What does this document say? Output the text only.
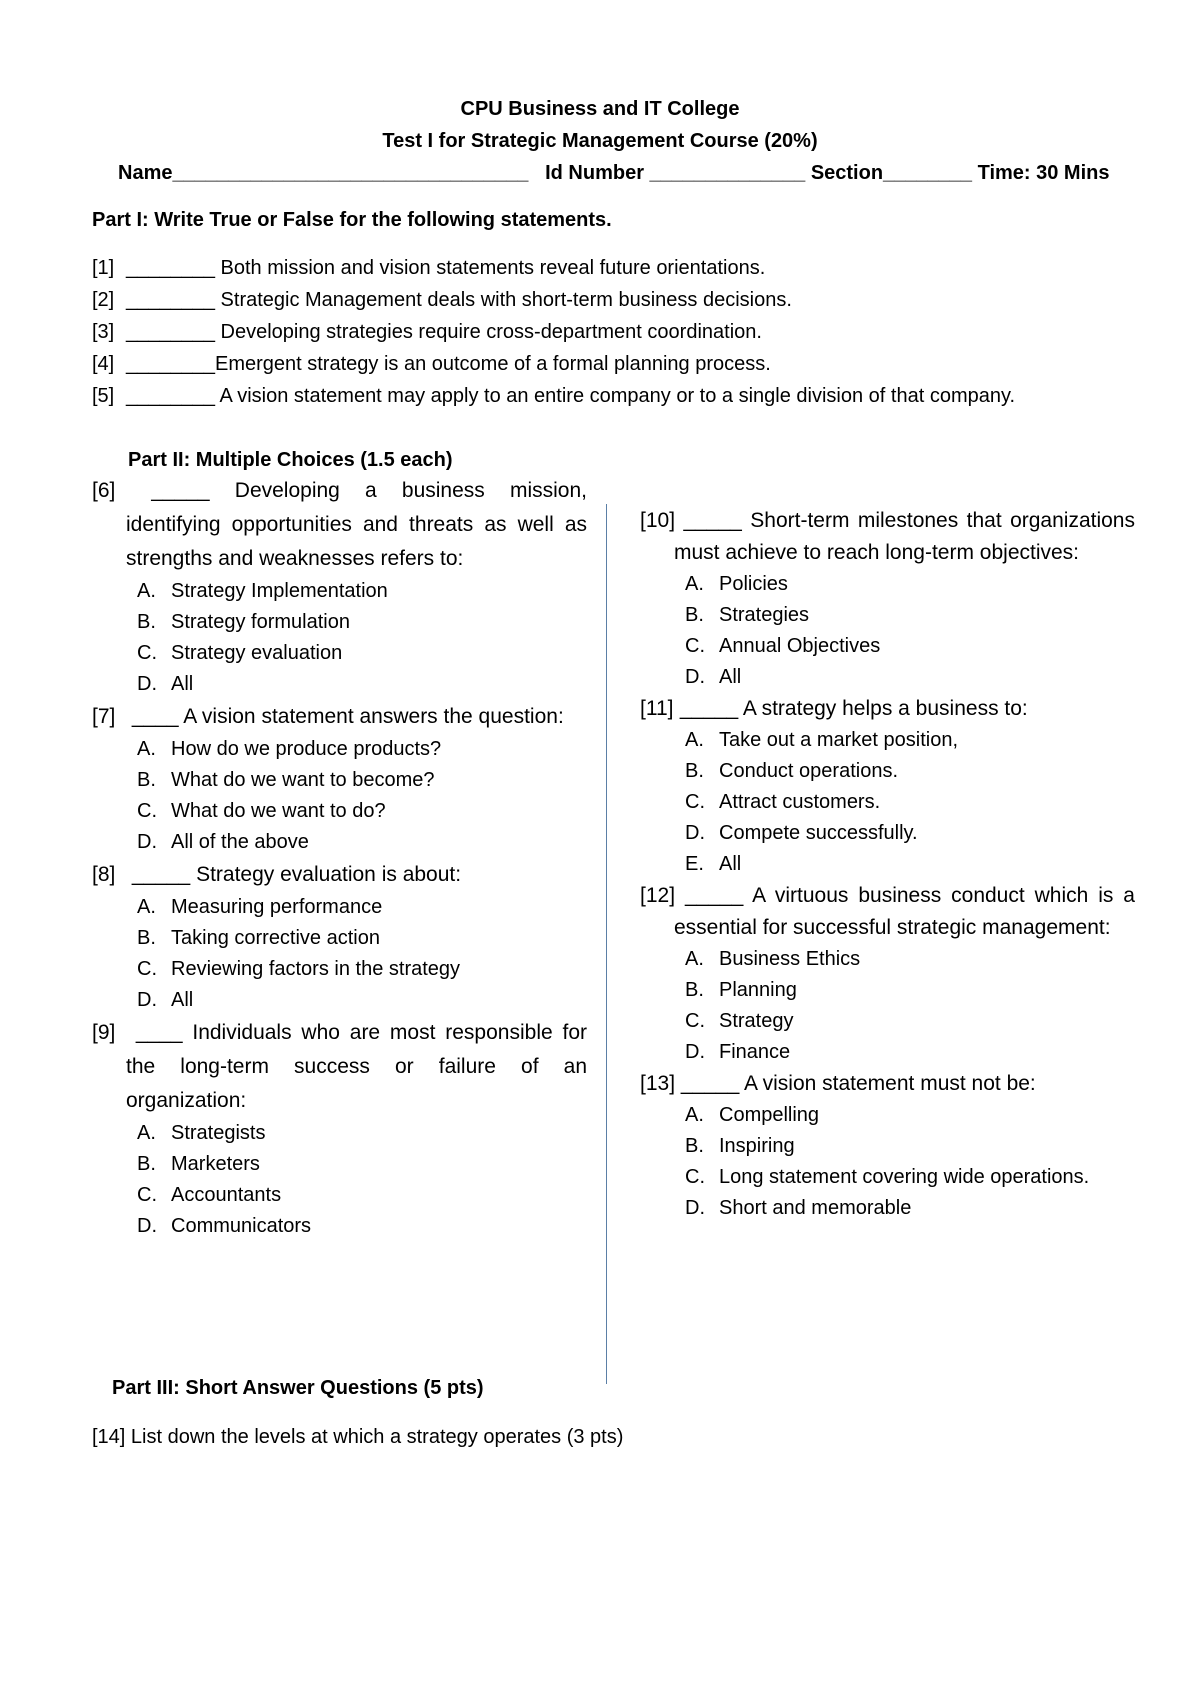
CPU Business and IT College
Test I for Strategic Management Course (20%)
Name________________________________   Id Number ______________ Section________ Time: 30 Mins
Part I: Write True or False for the following statements.
[1] ________ Both mission and vision statements reveal future orientations.
[2] ________ Strategic Management deals with short-term business decisions.
[3] ________ Developing strategies require cross-department coordination.
[4] ________Emergent strategy is an outcome of a formal planning process.
[5] ________ A vision statement may apply to an entire company or to a single division of that company.
Part II: Multiple Choices (1.5 each)
[6] _____ Developing a business mission, identifying opportunities and threats as well as strengths and weaknesses refers to:
A. Strategy Implementation
B. Strategy formulation
C. Strategy evaluation
D. All
[7] ____ A vision statement answers the question:
A. How do we produce products?
B. What do we want to become?
C. What do we want to do?
D. All of the above
[8] _____ Strategy evaluation is about:
A. Measuring performance
B. Taking corrective action
C. Reviewing factors in the strategy
D. All
[9] ____ Individuals who are most responsible for the long-term success or failure of an organization:
A. Strategists
B. Marketers
C. Accountants
D. Communicators
[10] _____ Short-term milestones that organizations must achieve to reach long-term objectives:
A. Policies
B. Strategies
C. Annual Objectives
D. All
[11] _____ A strategy helps a business to:
A. Take out a market position,
B. Conduct operations.
C. Attract customers.
D. Compete successfully.
E. All
[12] _____ A virtuous business conduct which is a essential for successful strategic management:
A. Business Ethics
B. Planning
C. Strategy
D. Finance
[13] _____ A vision statement must not be:
A. Compelling
B. Inspiring
C. Long statement covering wide operations.
D. Short and memorable
Part III: Short Answer Questions (5 pts)
[14] List down the levels at which a strategy operates (3 pts)
